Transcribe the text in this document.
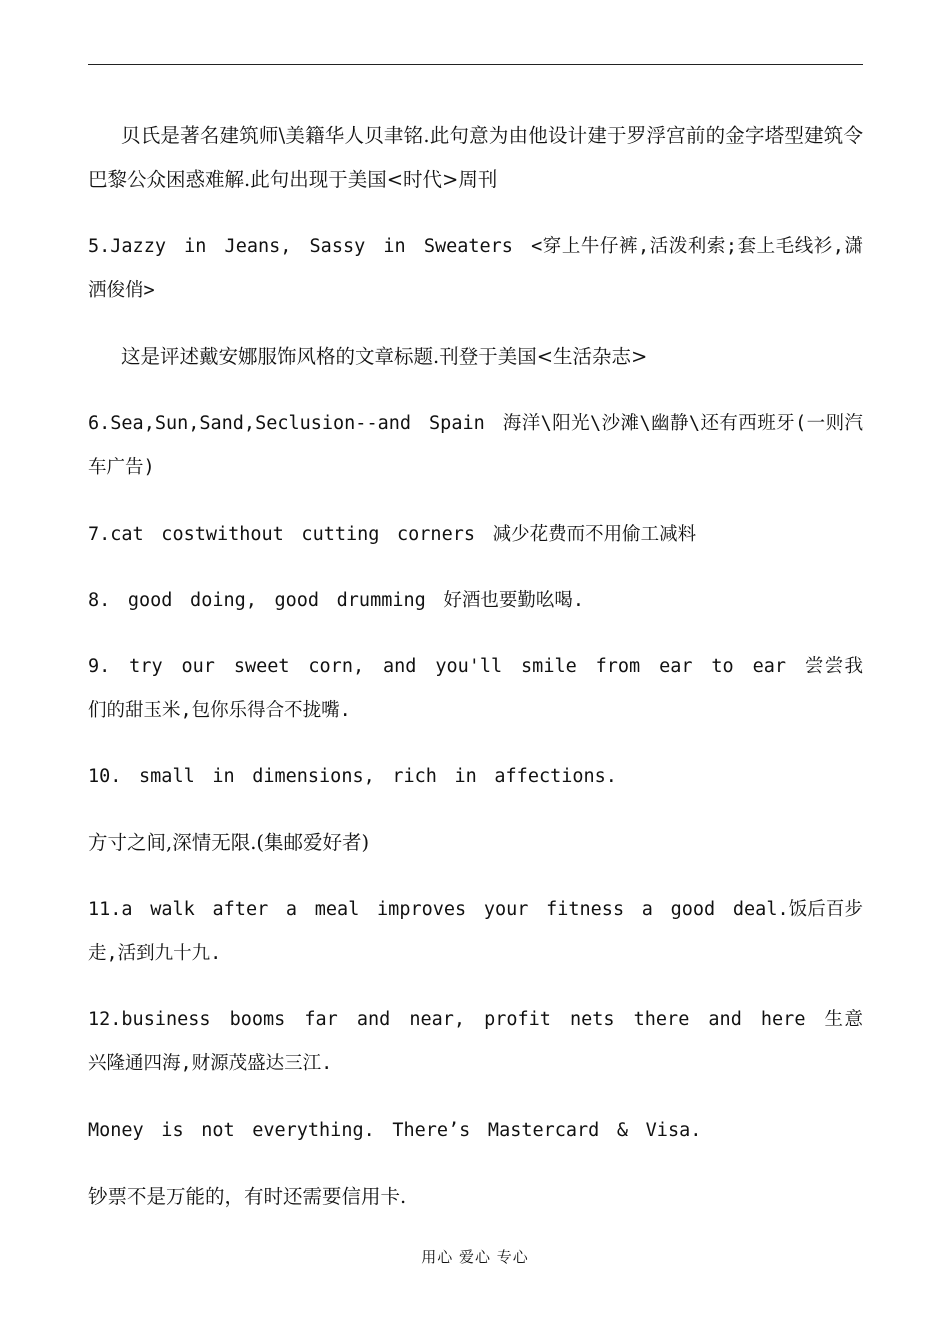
贝氏是著名建筑师\美籍华人贝聿铭.此句意为由他设计建于罗浮宫前的金字塔型建筑令巴黎公众困惑难解.此句出现于美国<时代>周刊

5.Jazzy in Jeans, Sassy in Sweaters <穿上牛仔裤,活泼利索;套上毛线衫,潇洒俊俏>

这是评述戴安娜服饰风格的文章标题.刊登于美国<生活杂志>

6.Sea,Sun,Sand,Seclusion--and Spain 海洋\阳光\沙滩\幽静\还有西班牙(一则汽车广告)

7.cat costwithout cutting corners 减少花费而不用偷工减料

8. good doing, good drumming 好酒也要勤吆喝.

9. try our sweet corn, and you'll smile from ear to ear 尝尝我们的甜玉米,包你乐得合不拢嘴.

10. small in dimensions, rich in affections.

方寸之间,深情无限.(集邮爱好者)

11.a walk after a meal improves your fitness a good deal.饭后百步走,活到九十九.

12.business booms far and near, profit nets there and here 生意兴隆通四海,财源茂盛达三江.

Money is not everything. There’s Mastercard & Visa.

钞票不是万能的，有时还需要信用卡.

用心 爱心 专心
